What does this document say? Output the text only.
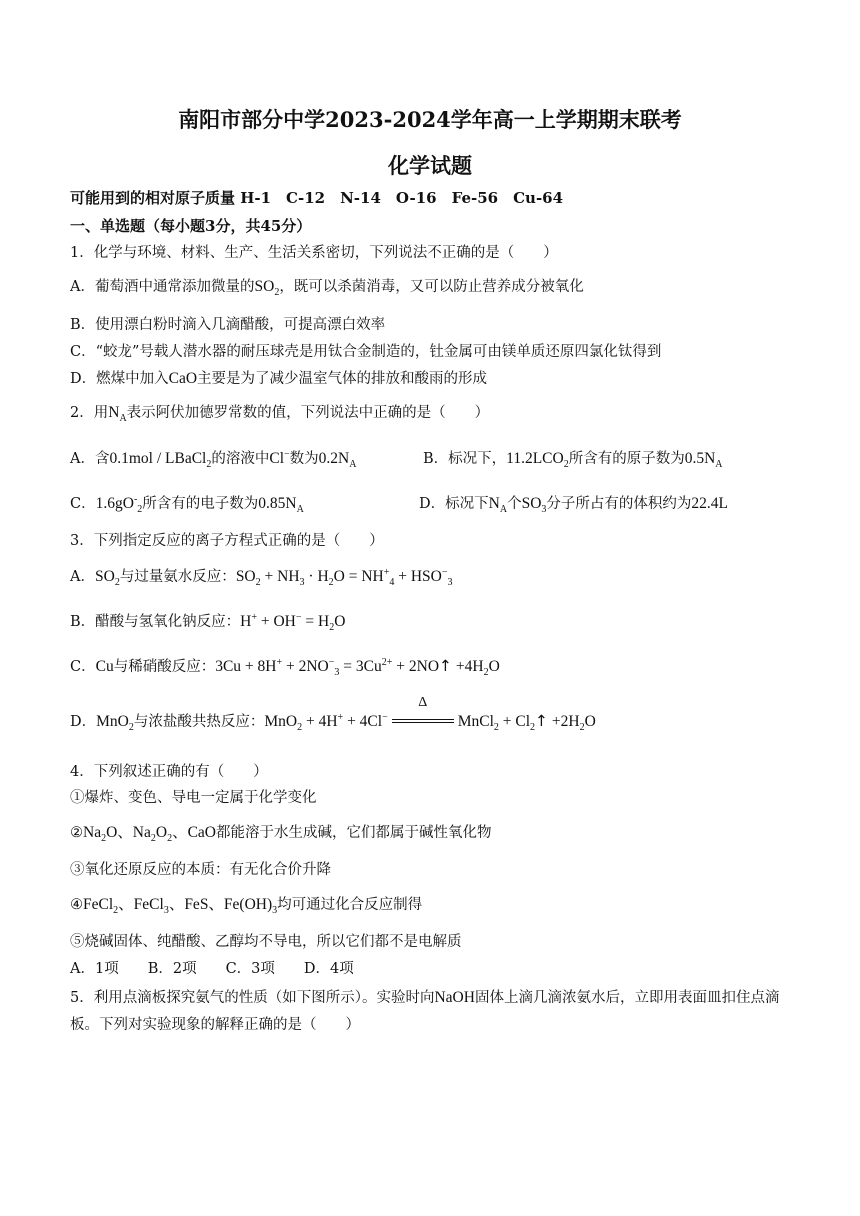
南阳市部分中学2023-2024学年高一上学期期末联考
化学试题
可能用到的相对原子质量 H-1　C-12　N-14　O-16　Fe-56　Cu-64
一、单选题（每小题3分，共45分）
1．化学与环境、材料、生产、生活关系密切，下列说法不正确的是（　　）
A．葡萄酒中通常添加微量的$SO_2$，既可以杀菌消毒，又可以防止营养成分被氧化
B．使用漂白粉时滴入几滴醋酸，可提高漂白效率
C．“蛟龙”号载人潜水器的耐压球壳是用钛合金制造的，钍金属可由镁单质还原四氯化钛得到
D．燃煤中加入CaO主要是为了减少温室气体的排放和酸雨的形成
2．用$N_A$表示阿伏加德罗常数的值，下列说法中正确的是（　　）
A．含0.1mol / LBaCl$_2$的溶液中Cl−数为$0.2N_A$	B．标况下，$11.2LCO_2$所含有的原子数为$0.5N_A$
C．$1.6gO^-_2$所含有的电子数为$0.85N_A$	D．标况下$N_A$个$SO_3$分子所占有的体积约为22.4L
3．下列指定反应的离子方程式正确的是（　　）
A．$SO_2$与过量氨水反应：$SO_2 + NH_3 \cdot H_2O = NH^+_4 + HSO^-_3$
B．醋酸与氢氧化钠反应：$H^+ + OH^- = H_2O$
C．Cu与稀硝酸反应：$3Cu + 8H^+ + 2NO^-_3 = 3Cu^{2+}$ + 2NO↑ $+4H_2O$
D．MnO$_2$与浓盐酸共热反应：MnO$_2$ + 4H+ + 4Cl−
Δ
MnCl$_2$ + $Cl_2↑ +2H_2O$
4．下列叙述正确的有（　　）
①爆炸、变色、导电一定属于化学变化
$②Na_2O$、$Na_2O_2$、CaO都能溶于水生成碱，它们都属于碱性氧化物
③氧化还原反应的本质：有无化合价升降
④FeCl$_2$、FeCl$_3$、FeS、$Fe(OH)_3$均可通过化合反应制得
⑤烧碱固体、纯醋酸、乙醇均不导电，所以它们都不是电解质
A．1项　　B．2项　　C．3项　　D．4项
5．利用点滴板探究氨气的性质（如下图所示）。实验时向NaOH固体上滴几滴浓氨水后，立即用表面皿扣住点滴板。下列对实验现象的解释正确的是（　　）
